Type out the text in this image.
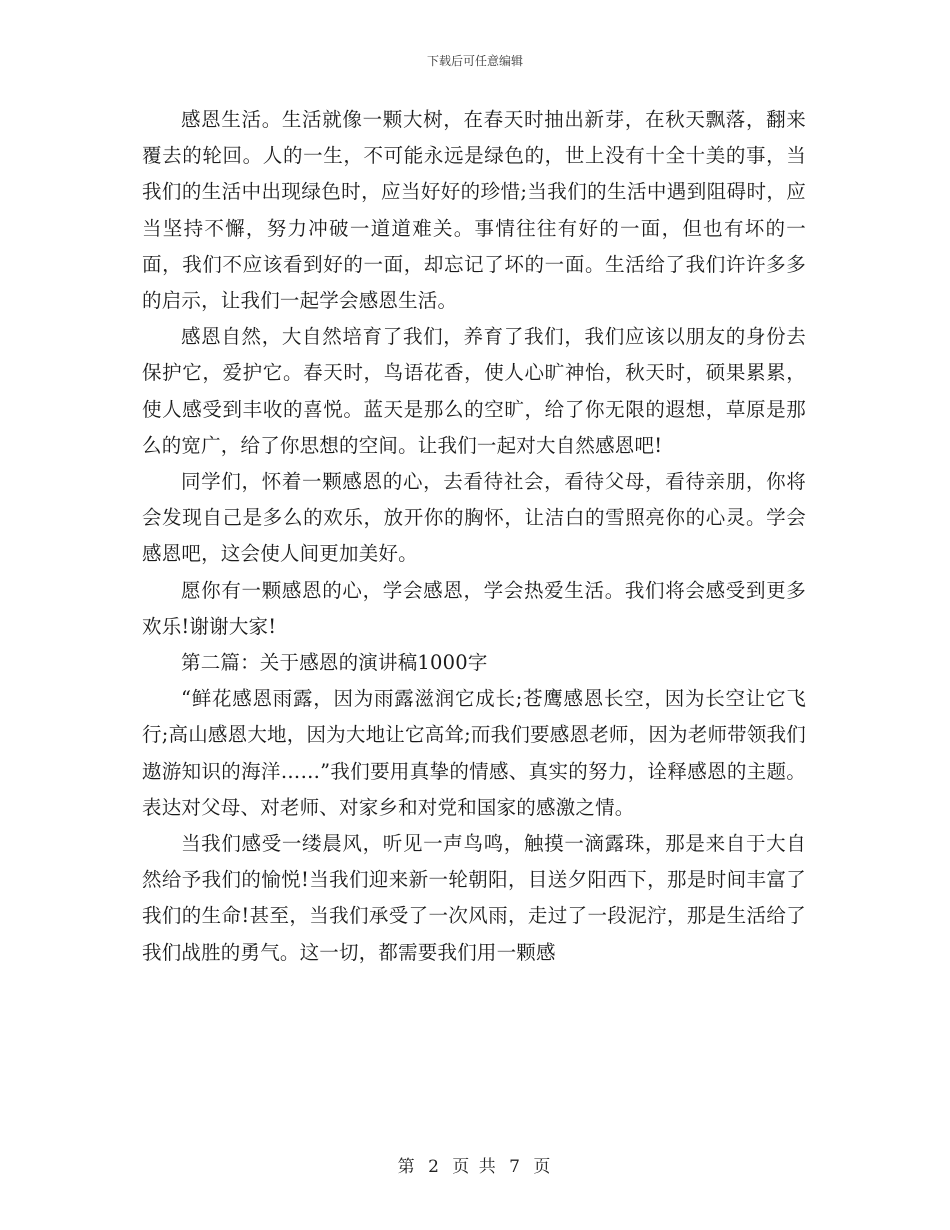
下载后可任意编辑

感恩生活。生活就像一颗大树，在春天时抽出新芽，在秋天飘落，翻来覆去的轮回。人的一生，不可能永远是绿色的，世上没有十全十美的事，当我们的生活中出现绿色时，应当好好的珍惜;当我们的生活中遇到阻碍时，应当坚持不懈，努力冲破一道道难关。事情往往有好的一面，但也有坏的一面，我们不应该看到好的一面，却忘记了坏的一面。生活给了我们许许多多的启示，让我们一起学会感恩生活。

感恩自然，大自然培育了我们，养育了我们，我们应该以朋友的身份去保护它，爱护它。春天时，鸟语花香，使人心旷神怡，秋天时，硕果累累，使人感受到丰收的喜悦。蓝天是那么的空旷，给了你无限的遐想，草原是那么的宽广，给了你思想的空间。让我们一起对大自然感恩吧!

同学们，怀着一颗感恩的心，去看待社会，看待父母，看待亲朋，你将会发现自己是多么的欢乐，放开你的胸怀，让洁白的雪照亮你的心灵。学会感恩吧，这会使人间更加美好。

愿你有一颗感恩的心，学会感恩，学会热爱生活。我们将会感受到更多欢乐!谢谢大家!

第二篇：关于感恩的演讲稿1000字

“鲜花感恩雨露，因为雨露滋润它成长;苍鹰感恩长空，因为长空让它飞行;高山感恩大地，因为大地让它高耸;而我们要感恩老师，因为老师带领我们遨游知识的海洋……”我们要用真挚的情感、真实的努力，诠释感恩的主题。表达对父母、对老师、对家乡和对党和国家的感激之情。

当我们感受一缕晨风，听见一声鸟鸣，触摸一滴露珠，那是来自于大自然给予我们的愉悦!当我们迎来新一轮朝阳，目送夕阳西下，那是时间丰富了我们的生命!甚至，当我们承受了一次风雨，走过了一段泥泞，那是生活给了我们战胜的勇气。这一切，都需要我们用一颗感

第 2 页 共 7 页
